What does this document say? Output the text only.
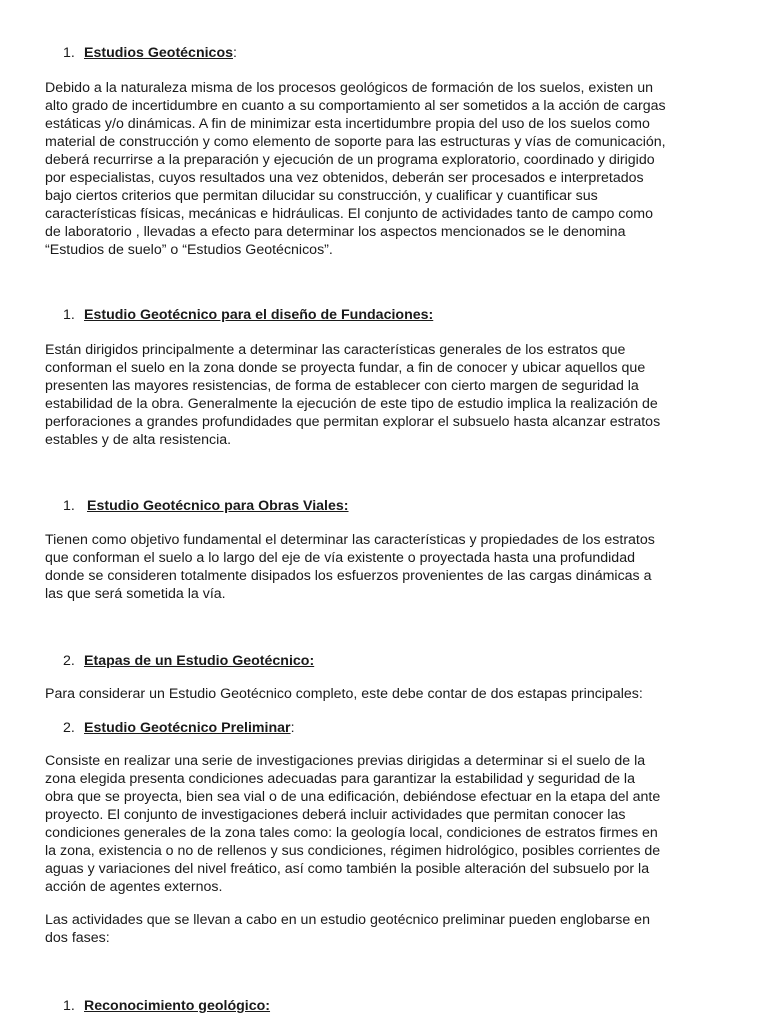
1. Estudios Geotécnicos:
Debido a la naturaleza misma de los procesos geológicos de formación de los suelos, existen un
alto grado de incertidumbre en cuanto a su comportamiento al ser sometidos a la acción de cargas
estáticas y/o dinámicas. A fin de minimizar esta incertidumbre propia del uso de los suelos como
material de construcción y como elemento de soporte para las estructuras y vías de comunicación,
deberá recurrirse a la preparación y ejecución de un programa exploratorio, coordinado y dirigido
por especialistas, cuyos resultados una vez obtenidos, deberán ser procesados e interpretados
bajo ciertos criterios que permitan dilucidar su construcción, y cualificar y cuantificar sus
características físicas, mecánicas e hidráulicas. El conjunto de actividades tanto de campo como
de laboratorio , llevadas a efecto para determinar los aspectos mencionados se le denomina
“Estudios de suelo” o “Estudios Geotécnicos”.
1. Estudio Geotécnico para el diseño de Fundaciones:
Están dirigidos principalmente a determinar las características generales de los estratos que
conforman el suelo en la zona donde se proyecta fundar, a fin de conocer y ubicar aquellos que
presenten las mayores resistencias, de forma de establecer con cierto margen de seguridad la
estabilidad de la obra. Generalmente la ejecución de este tipo de estudio implica la realización de
perforaciones a grandes profundidades que permitan explorar el subsuelo hasta alcanzar estratos
estables y de alta resistencia.
1. Estudio Geotécnico para Obras Viales:
Tienen como objetivo fundamental el determinar las características y propiedades de los estratos
que conforman el suelo a lo largo del eje de vía existente o proyectada hasta una profundidad
donde se consideren totalmente disipados los esfuerzos provenientes de las cargas dinámicas a
las que será sometida la vía.
2. Etapas de un Estudio Geotécnico:
Para considerar un Estudio Geotécnico completo, este debe contar de dos estapas principales:
2. Estudio Geotécnico Preliminar:
Consiste en realizar una serie de investigaciones previas dirigidas a determinar si el suelo de la
zona elegida presenta condiciones adecuadas para garantizar la estabilidad y seguridad de la
obra que se proyecta, bien sea vial o de una edificación, debiéndose efectuar en la etapa del ante
proyecto. El conjunto de investigaciones deberá incluir actividades que permitan conocer las
condiciones generales de la zona tales como: la geología local, condiciones de estratos firmes en
la zona, existencia o no de rellenos y sus condiciones, régimen hidrológico, posibles corrientes de
aguas y variaciones del nivel freático, así como también la posible alteración del subsuelo por la
acción de agentes externos.
Las actividades que se llevan a cabo en un estudio geotécnico preliminar pueden englobarse en
dos fases:
1. Reconocimiento geológico:
